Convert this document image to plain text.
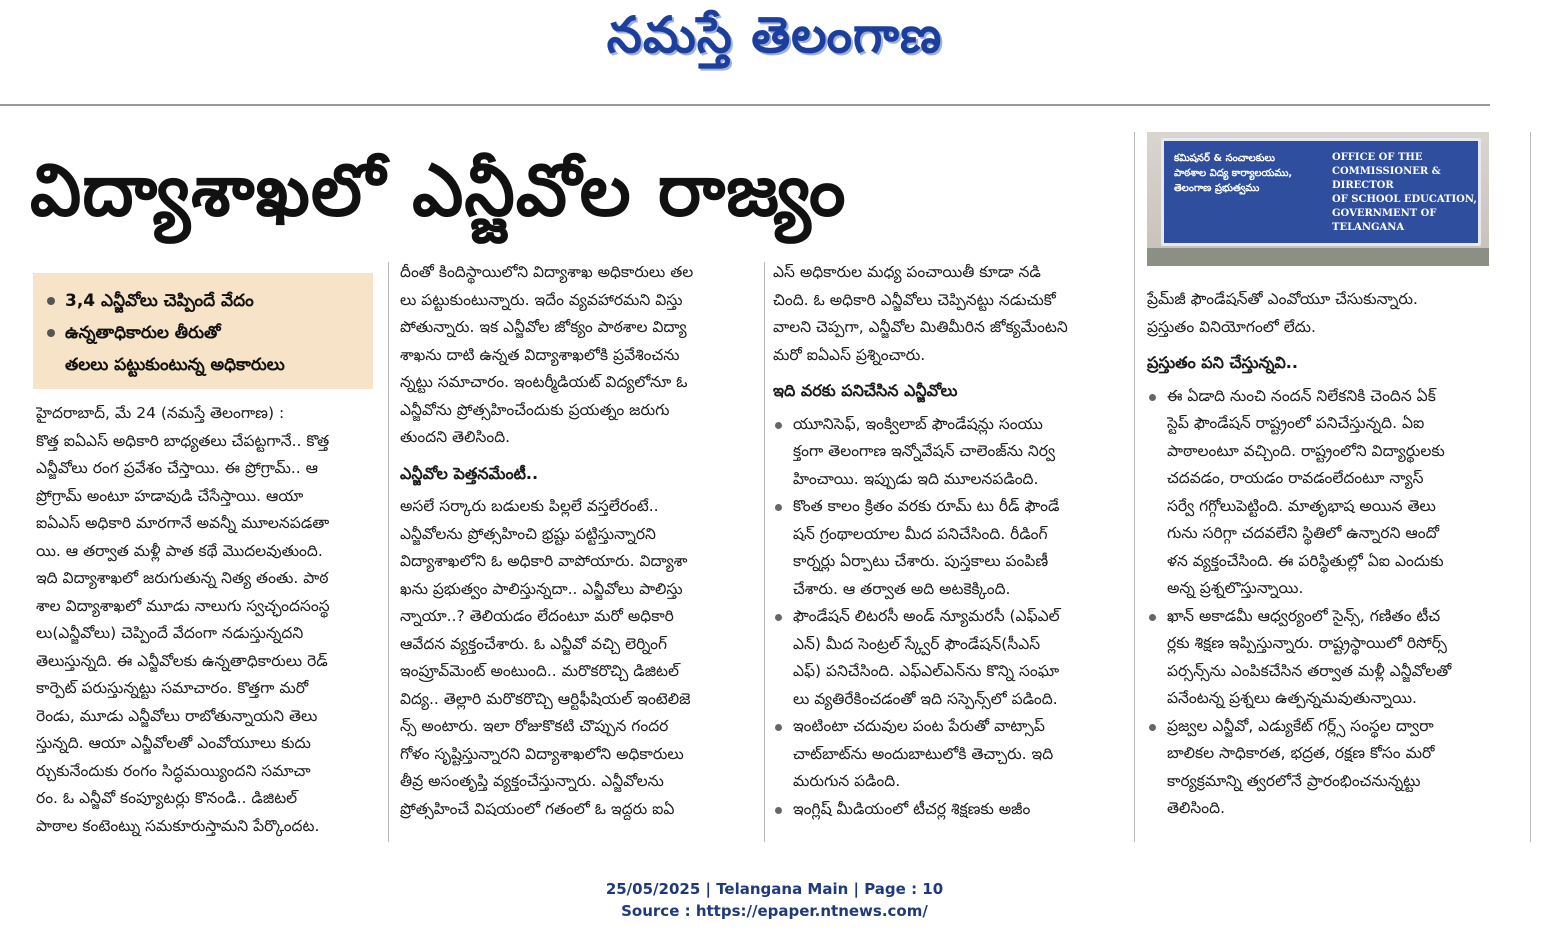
నమస్తే తెలంగాణ
విద్యాశాఖలో ఎన్జీవోల రాజ్యం	కమిషనర్ & సంచాలకులు
పాఠశాల విద్య కార్యాలయము,
తెలంగాణ ప్రభుత్వము
OFFICE OF THE
COMMISSIONER & DIRECTOR
OF SCHOOL EDUCATION,
GOVERNMENT OF TELANGANA
3,4 ఎన్జీవోలు చెప్పిందే వేదం
ఉన్నతాధికారుల తీరుతో
తలలు పట్టుకుంటున్న అధికారులు
హైదరాబాద్, మే 24 (నమస్తే తెలంగాణ) :
కొత్త ఐఏఎస్ అధికారి బాధ్యతలు చేపట్టగానే.. కొత్త
ఎన్జీవోలు రంగ ప్రవేశం చేస్తాయి. ఈ ప్రోగ్రామ్.. ఆ
ప్రోగ్రామ్ అంటూ హడావుడి చేసేస్తాయి. ఆయా
ఐఏఎస్ అధికారి మారగానే అవన్నీ మూలనపడతా
యి. ఆ తర్వాత మళ్లీ పాత కథే మొదలవుతుంది.
ఇది విద్యాశాఖలో జరుగుతున్న నిత్య తంతు. పాఠ
శాల విద్యాశాఖలో మూడు నాలుగు స్వచ్ఛందసంస్థ
లు(ఎన్జీవోలు) చెప్పిందే వేదంగా నడుస్తున్నదని
తెలుస్తున్నది. ఈ ఎన్జీవోలకు ఉన్నతాధికారులు రెడ్
కార్పెట్ పరుస్తున్నట్టు సమాచారం. కొత్తగా మరో
రెండు, మూడు ఎన్జీవోలు రాబోతున్నాయని తెలు
స్తున్నది. ఆయా ఎన్జీవోలతో ఎంవోయూలు కుదు
ర్చుకునేందుకు రంగం సిద్ధమయ్యిందని సమాచా
రం. ఓ ఎన్జీవో కంప్యూటర్లు కొనండి.. డిజిటల్
పాఠాల కంటెంట్ను సమకూరుస్తామని పేర్కొందట.
దీంతో కిందిస్థాయిలోని విద్యాశాఖ అధికారులు తల
లు పట్టుకుంటున్నారు. ఇదేం వ్యవహారమని విస్తు
పోతున్నారు. ఇక ఎన్జీవోల జోక్యం పాఠశాల విద్యా
శాఖను దాటి ఉన్నత విద్యాశాఖలోకి ప్రవేశించను
న్నట్టు సమాచారం. ఇంటర్మీడియట్ విద్యలోనూ ఓ
ఎన్జీవోను ప్రోత్సహించేందుకు ప్రయత్నం జరుగు
తుందని తెలిసింది.
ఎన్జీవోల పెత్తనమేంటీ..
అసలే సర్కారు బడులకు పిల్లలే వస్తలేరంటే..
ఎన్జీవోలను ప్రోత్సహించి భ్రష్టు పట్టిస్తున్నారని
విద్యాశాఖలోని ఓ అధికారి వాపోయారు. విద్యాశా
ఖను ప్రభుత్వం పాలిస్తున్నదా.. ఎన్జీవోలు పాలిస్తు
న్నాయా..? తెలియడం లేదంటూ మరో అధికారి
ఆవేదన వ్యక్తంచేశారు. ఓ ఎన్జీవో వచ్చి లెర్నింగ్
ఇంప్రూవ్‌మెంట్ అంటుంది.. మరొకరొచ్చి డిజిటల్
విద్య.. తెల్లారి మరొకరొచ్చి ఆర్టిఫీషియల్ ఇంటెలిజె
న్స్ అంటారు. ఇలా రోజుకొకటి చొప్పున గందర
గోళం సృష్టిస్తున్నారని విద్యాశాఖలోని అధికారులు
తీవ్ర అసంతృప్తి వ్యక్తంచేస్తున్నారు. ఎన్జీవోలను
ప్రోత్సహించే విషయంలో గతంలో ఓ ఇద్దరు ఐఏ
ఎస్ అధికారుల మధ్య పంచాయితీ కూడా నడి
చింది. ఓ అధికారి ఎన్జీవోలు చెప్పినట్టు నడుచుకో
వాలని చెప్పగా, ఎన్జీవోల మితిమీరిన జోక్యమేంటని
మరో ఐఏఎస్ ప్రశ్నించారు.
ఇది వరకు పనిచేసిన ఎన్జీవోలు
యూనిసెఫ్, ఇంక్విలాబ్ ఫౌండేషన్లు సంయు
క్తంగా తెలంగాణ ఇన్నోవేషన్ చాలెంజ్‌ను నిర్వ
హించాయి. ఇప్పుడు ఇది మూలనపడింది.
కొంత కాలం క్రితం వరకు రూమ్ టు రీడ్ ఫౌండే
షన్ గ్రంథాలయాల మీద పనిచేసింది. రీడింగ్
కార్నర్లు ఏర్పాటు చేశారు. పుస్తకాలు పంపిణీ
చేశారు. ఆ తర్వాత అది అటకెక్కింది.
ఫౌండేషన్ లిటరసీ అండ్ న్యూమరసీ (ఎఫ్ఎల్
ఎన్) మీద సెంట్రల్ స్క్వేర్ ఫౌండేషన్(సీఎస్
ఎఫ్) పనిచేసింది. ఎఫ్ఎల్ఎన్‌ను కొన్ని సంఘా
లు వ్యతిరేకించడంతో ఇది సస్పెన్స్‌లో పడింది.
ఇంటింటా చదువుల పంట పేరుతో వాట్సాప్
చాట్‌బాట్‌ను అందుబాటులోకి తెచ్చారు. ఇది
మరుగున పడింది.
ఇంగ్లిష్ మీడియంలో టీచర్ల శిక్షణకు అజీం
ప్రేమ్‌జీ ఫౌండేషన్‌తో ఎంవోయూ చేసుకున్నారు.
ప్రస్తుతం వినియోగంలో లేదు.
ప్రస్తుతం పని చేస్తున్నవి..
ఈ ఏడాది నుంచి నందన్ నిలేకనికి చెందిన ఏక్
స్టెప్ ఫౌండేషన్ రాష్ట్రంలో పనిచేస్తున్నది. ఏఐ
పాఠాలంటూ వచ్చింది. రాష్ట్రంలోని విద్యార్థులకు
చదవడం, రాయడం రావడంలేదంటూ న్యాస్
సర్వే గగ్గోలుపెట్టింది. మాతృభాష అయిన తెలు
గును సరిగ్గా చదవలేని స్థితిలో ఉన్నారని ఆందో
ళన వ్యక్తంచేసింది. ఈ పరిస్థితుల్లో ఏఐ ఎందుకు
అన్న ప్రశ్నలొస్తున్నాయి.
ఖాన్ అకాడమీ ఆధ్వర్యంలో సైన్స్, గణితం టీచ
ర్లకు శిక్షణ ఇప్పిస్తున్నారు. రాష్ట్రస్థాయిలో రిసోర్స్
పర్సన్స్‌ను ఎంపికచేసిన తర్వాత మళ్లీ ఎన్జీవోలతో
పనేంటన్న ప్రశ్నలు ఉత్పన్నమవుతున్నాయి.
ప్రజ్వల ఎన్జీవో, ఎడ్యుకేట్ గర్ల్స్ సంస్థల ద్వారా
బాలికల సాధికారత, భద్రత, రక్షణ కోసం మరో
కార్యక్రమాన్ని త్వరలోనే ప్రారంభించనున్నట్టు
తెలిసింది.
25/05/2025 | Telangana Main | Page : 10
Source : https://epaper.ntnews.com/
